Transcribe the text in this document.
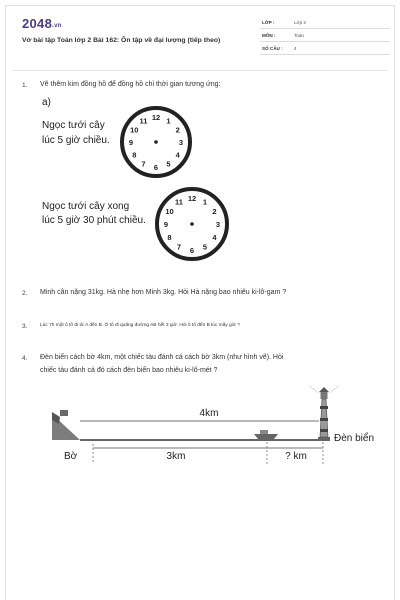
2048.vn
Vở bài tập Toán lớp 2 Bài 162: Ôn tập về đại lượng (tiếp theo)
LỚP :	Lớp 2
MÔN :	Toán
SỐ CÂU : 4
1. Vẽ thêm kim đồng hồ để đồng hồ chỉ thời gian tương ứng:
a)
Ngọc tưới cây
lúc 5 giờ chiều.
12 1
2
3
4
5
6
7
8
9
10
11
Ngọc tưới cây xong
lúc 5 giờ 30 phút chiều.
12 1
2
3
4
5
6
7
8
9
10
11
2. Minh cân nặng 31kg. Hà nhẹ hơn Minh 3kg. Hỏi Hà nặng bao nhiêu ki-lô-gam ?
3.	Lúc 7h một ô tô đi từ A đến B. Ô tô đi quãng đường AB hết 3 giờ. Hỏi ô tô đến B lúc mấy giờ ?
4. Đèn biển cách bờ 4km, một chiếc tàu đánh cá cách bờ 3km (như hình vẽ). Hỏi
chiếc tàu đánh cá đó cách đèn biển bao nhiêu ki-lô-mét ?
4km
Bờ
Đèn biển
3km	? km
